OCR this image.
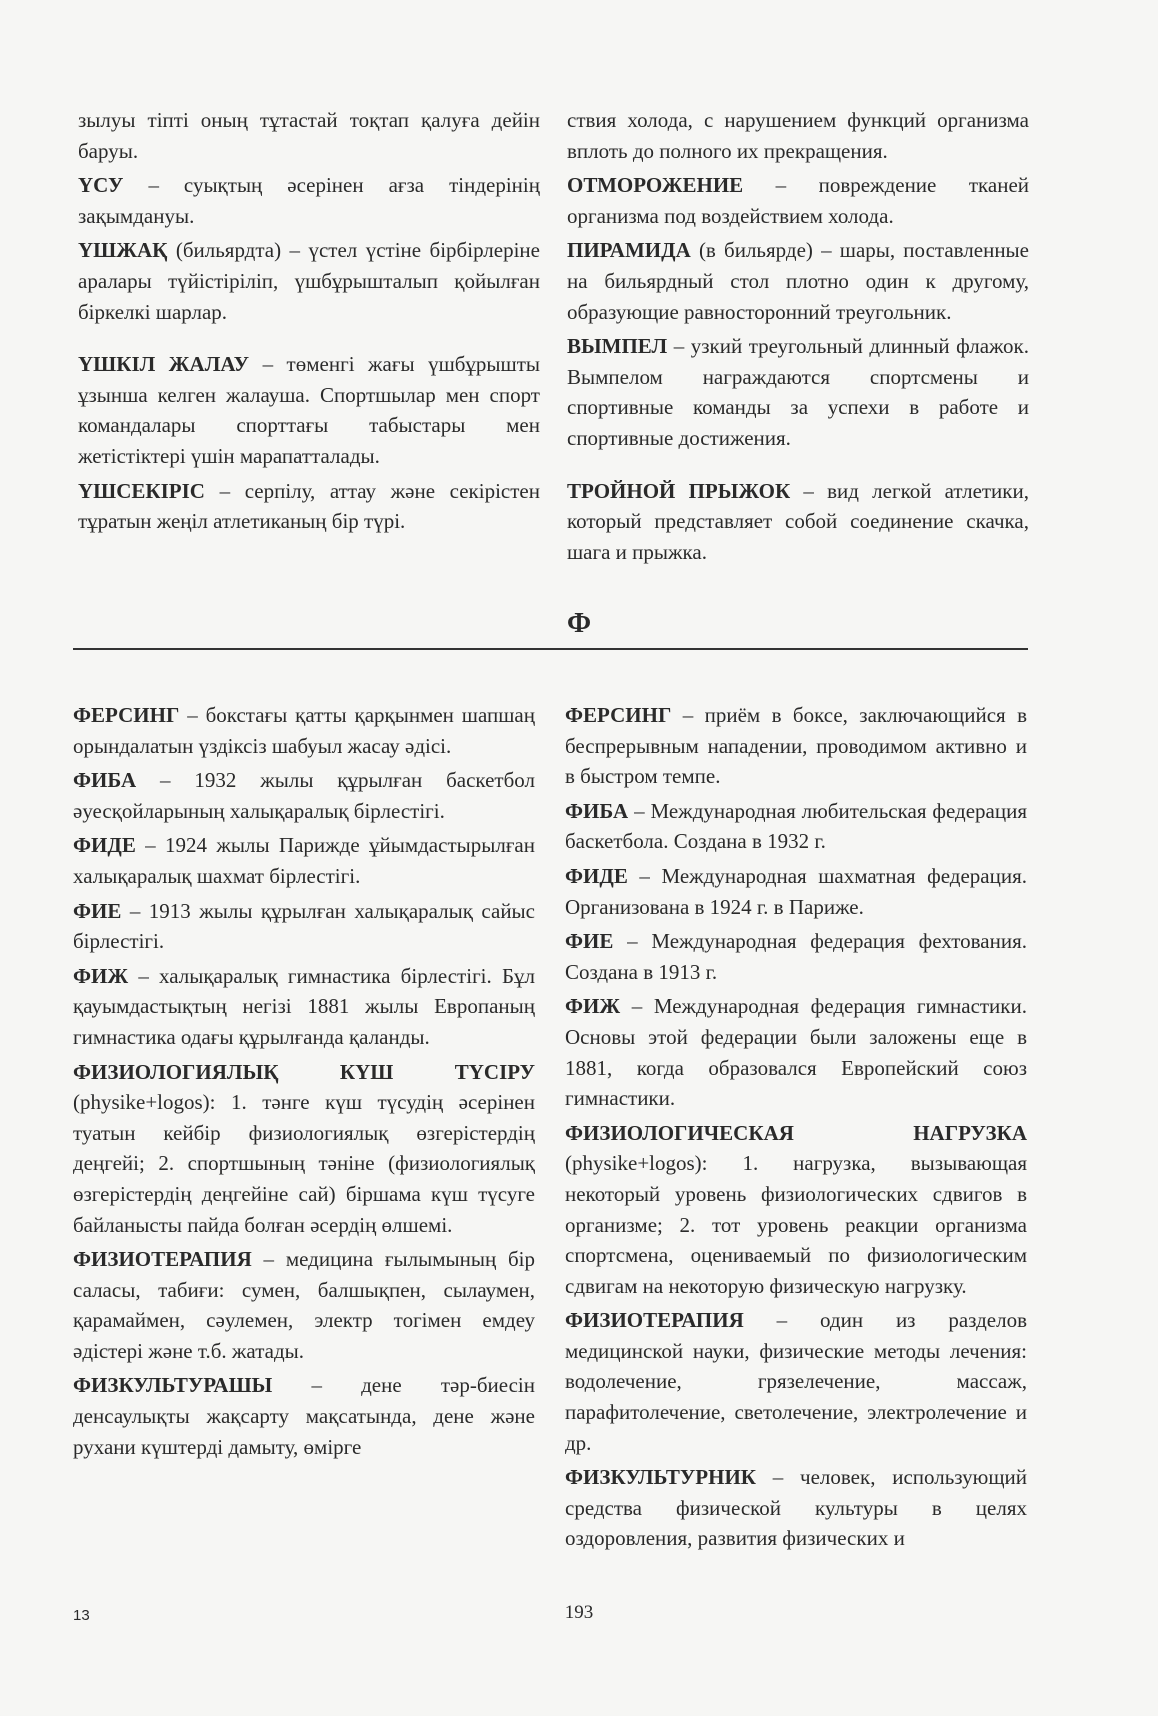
зылуы тіпті оның тұтастай тоқтап қалуға дейін баруы.

ҮСУ – суықтың әсерінен ағза тіндерінің зақымдануы.

ҮШЖАҚ (бильярдта) – үстел үстіне бірбірлеріне аралары түйістіріліп, үшбұрышталып қойылған біркелкі шарлар.

ҮШКІЛ ЖАЛАУ – төменгі жағы үшбұрышты ұзынша келген жалауша. Спортшылар мен спорт командалары спорттағы табыстары мен жетістіктері үшін марапатталады.

ҮШСЕКІРІС – серпілу, аттау және секірістен тұратын жеңіл атлетиканың бір түрі.

ствия холода, с нарушением функций организма вплоть до полного их прекращения.

ОТМОРОЖЕНИЕ – повреждение тканей организма под воздействием холода.

ПИРАМИДА (в бильярде) – шары, поставленные на бильярдный стол плотно один к другому, образующие равносторонний треугольник.

ВЫМПЕЛ – узкий треугольный длинный флажок. Вымпелом награждаются спортсмены и спортивные команды за успехи в работе и спортивные достижения.

ТРОЙНОЙ ПРЫЖОК – вид легкой атлетики, который представляет собой соединение скачка, шага и прыжка.

Ф

ФЕРСИНГ – бокстағы қатты қарқынмен шапшаң орындалатын үздіксіз шабуыл жасау әдісі.

ФИБА – 1932 жылы құрылған баскетбол әуесқойларының халықаралық бірлестігі.

ФИДЕ – 1924 жылы Парижде ұйымдастырылған халықаралық шахмат бірлестігі.

ФИЕ – 1913 жылы құрылған халықаралық сайыс бірлестігі.

ФИЖ – халықаралық гимнастика бірлестігі. Бұл қауымдастықтың негізі 1881 жылы Европаның гимнастика одағы құрылғанда қаланды.

ФИЗИОЛОГИЯЛЫҚ КҮШ ТҮСІРУ (physike+logos): 1. тәнге күш түсудің әсерінен туатын кейбір физиологиялық өзгерістердің деңгейі; 2. спортшының тәніне (физиологиялық өзгерістердің деңгейіне сай) біршама күш түсуге байланысты пайда болған әсердің өлшемі.

ФИЗИОТЕРАПИЯ – медицина ғылымының бір саласы, табиғи: сумен, балшықпен, сылаумен, қарамаймен, сәулемен, электр тогімен емдеу әдістері және т.б. жатады.

ФИЗКУЛЬТУРАШЫ – дене тәр-биесін денсаулықты жақсарту мақсатында, дене және рухани күштерді дамыту, өмірге

ФЕРСИНГ – приём в боксе, заключающийся в беспрерывным нападении, проводимом активно и в быстром темпе.

ФИБА – Международная любительская федерация баскетбола. Создана в 1932 г.

ФИДЕ – Международная шахматная федерация. Организована в 1924 г. в Париже.

ФИЕ – Международная федерация фехтования. Создана в 1913 г.

ФИЖ – Международная федерация гимнастики. Основы этой федерации были заложены еще в 1881, когда образовался Европейский союз гимнастики.

ФИЗИОЛОГИЧЕСКАЯ НАГРУЗКА (physike+logos): 1. нагрузка, вызывающая некоторый уровень физиологических сдвигов в организме; 2. тот уровень реакции организма спортсмена, оцениваемый по физиологическим сдвигам на некоторую физическую нагрузку.

ФИЗИОТЕРАПИЯ – один из разделов медицинской науки, физические методы лечения: водолечение, грязелечение, массаж, парафитолечение, светолечение, электролечение и др.

ФИЗКУЛЬТУРНИК – человек, использующий средства физической культуры в целях оздоровления, развития физических и

13	193
